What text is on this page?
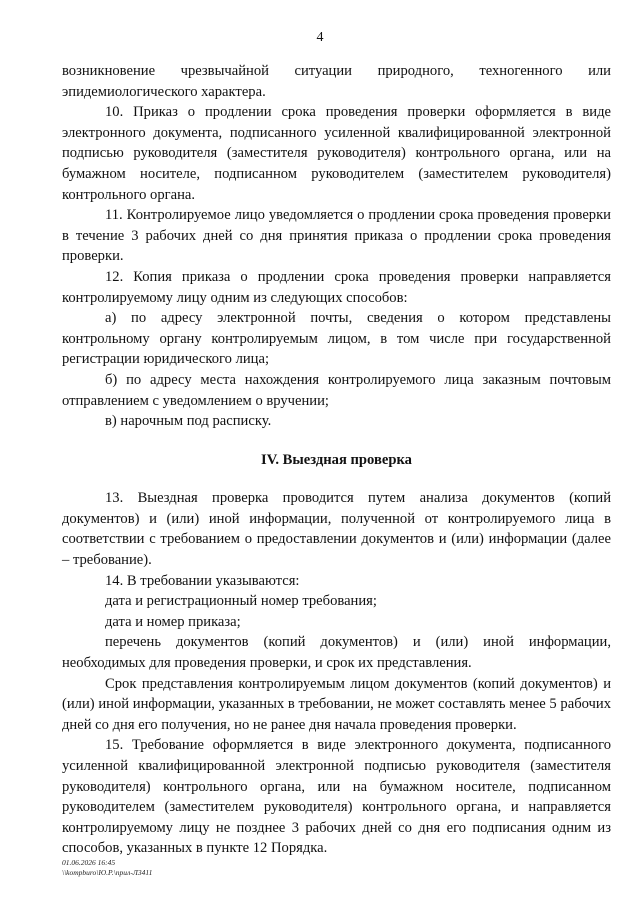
4

возникновение чрезвычайной ситуации природного, техногенного или эпидемиологического характера.

10. Приказ о продлении срока проведения проверки оформляется в виде электронного документа, подписанного усиленной квалифицированной электронной подписью руководителя (заместителя руководителя) контрольного органа, или на бумажном носителе, подписанном руководителем (заместителем руководителя) контрольного органа.

11. Контролируемое лицо уведомляется о продлении срока проведения проверки в течение 3 рабочих дней со дня принятия приказа о продлении срока проведения проверки.

12. Копия приказа о продлении срока проведения проверки направляется контролируемому лицу одним из следующих способов:

а) по адресу электронной почты, сведения о котором представлены контрольному органу контролируемым лицом, в том числе при государственной регистрации юридического лица;

б) по адресу места нахождения контролируемого лица заказным почтовым отправлением с уведомлением о вручении;

в) нарочным под расписку.

IV. Выездная проверка

13. Выездная проверка проводится путем анализа документов (копий документов) и (или) иной информации, полученной от контролируемого лица в соответствии с требованием о предоставлении документов и (или) информации (далее – требование).

14. В требовании указываются:

дата и регистрационный номер требования;

дата и номер приказа;

перечень документов (копий документов) и (или) иной информации, необходимых для проведения проверки, и срок их представления.

Срок представления контролируемым лицом документов (копий документов) и (или) иной информации, указанных в требовании, не может составлять менее 5 рабочих дней со дня его получения, но не ранее дня начала проведения проверки.

15. Требование оформляется в виде электронного документа, подписанного усиленной квалифицированной электронной подписью руководителя (заместителя руководителя) контрольного органа, или на бумажном носителе, подписанном руководителем (заместителем руководителя) контрольного органа, и направляется контролируемому лицу не позднее 3 рабочих дней со дня его подписания одним из способов, указанных в пункте 12 Порядка.

01.06.2026 16:45
\\kompburo\Ю.Р.\прил-Л3411
